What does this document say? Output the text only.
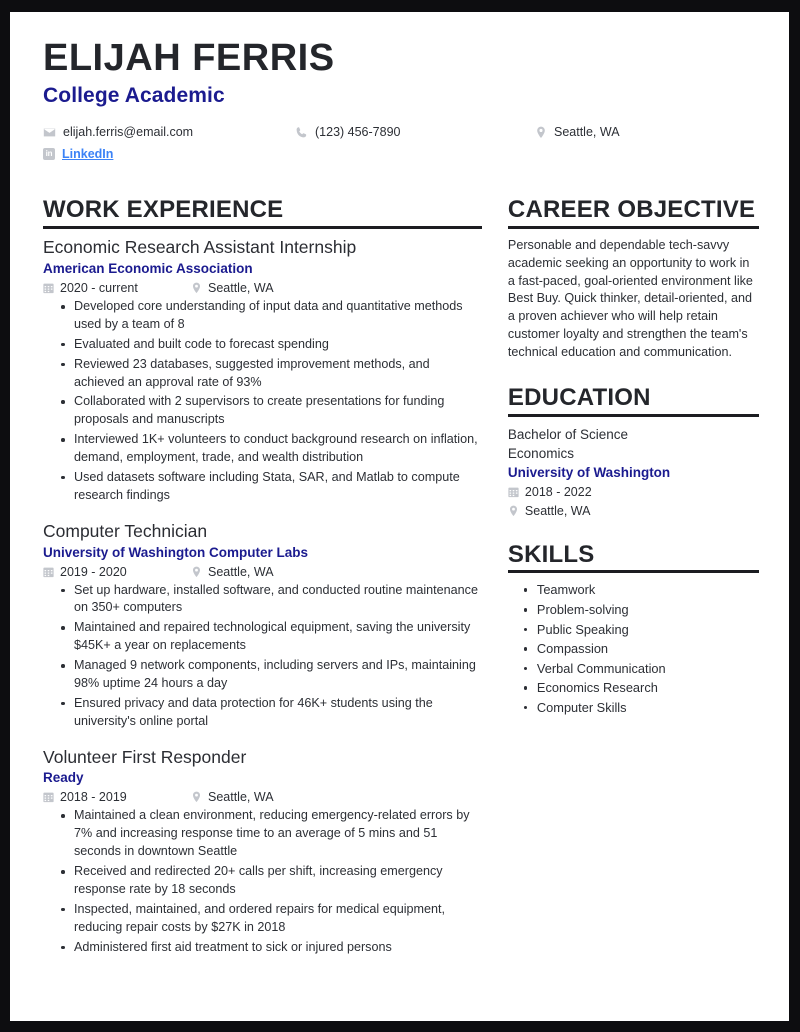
ELIJAH FERRIS
College Academic
elijah.ferris@email.com	(123) 456-7890	Seattle, WA
in LinkedIn
WORK EXPERIENCE
Economic Research Assistant Internship
American Economic Association
2020 - current	Seattle, WA
Developed core understanding of input data and quantitative methods used by a team of 8
Evaluated and built code to forecast spending
Reviewed 23 databases, suggested improvement methods, and achieved an approval rate of 93%
Collaborated with 2 supervisors to create presentations for funding proposals and manuscripts
Interviewed 1K+ volunteers to conduct background research on inflation, demand, employment, trade, and wealth distribution
Used datasets software including Stata, SAR, and Matlab to compute research findings
Computer Technician
University of Washington Computer Labs
2019 - 2020	Seattle, WA
Set up hardware, installed software, and conducted routine maintenance on 350+ computers
Maintained and repaired technological equipment, saving the university $45K+ a year on replacements
Managed 9 network components, including servers and IPs, maintaining 98% uptime 24 hours a day
Ensured privacy and data protection for 46K+ students using the university's online portal
Volunteer First Responder
Ready
2018 - 2019	Seattle, WA
Maintained a clean environment, reducing emergency-related errors by 7% and increasing response time to an average of 5 mins and 51 seconds in downtown Seattle
Received and redirected 20+ calls per shift, increasing emergency response rate by 18 seconds
Inspected, maintained, and ordered repairs for medical equipment, reducing repair costs by $27K in 2018
Administered first aid treatment to sick or injured persons
CAREER OBJECTIVE
Personable and dependable tech-savvy academic seeking an opportunity to work in a fast-paced, goal-oriented environment like Best Buy. Quick thinker, detail-oriented, and a proven achiever who will help retain customer loyalty and strengthen the team's technical education and communication.
EDUCATION
Bachelor of Science
Economics
University of Washington
2018 - 2022
Seattle, WA
SKILLS
Teamwork
Problem-solving
Public Speaking
Compassion
Verbal Communication
Economics Research
Computer Skills
